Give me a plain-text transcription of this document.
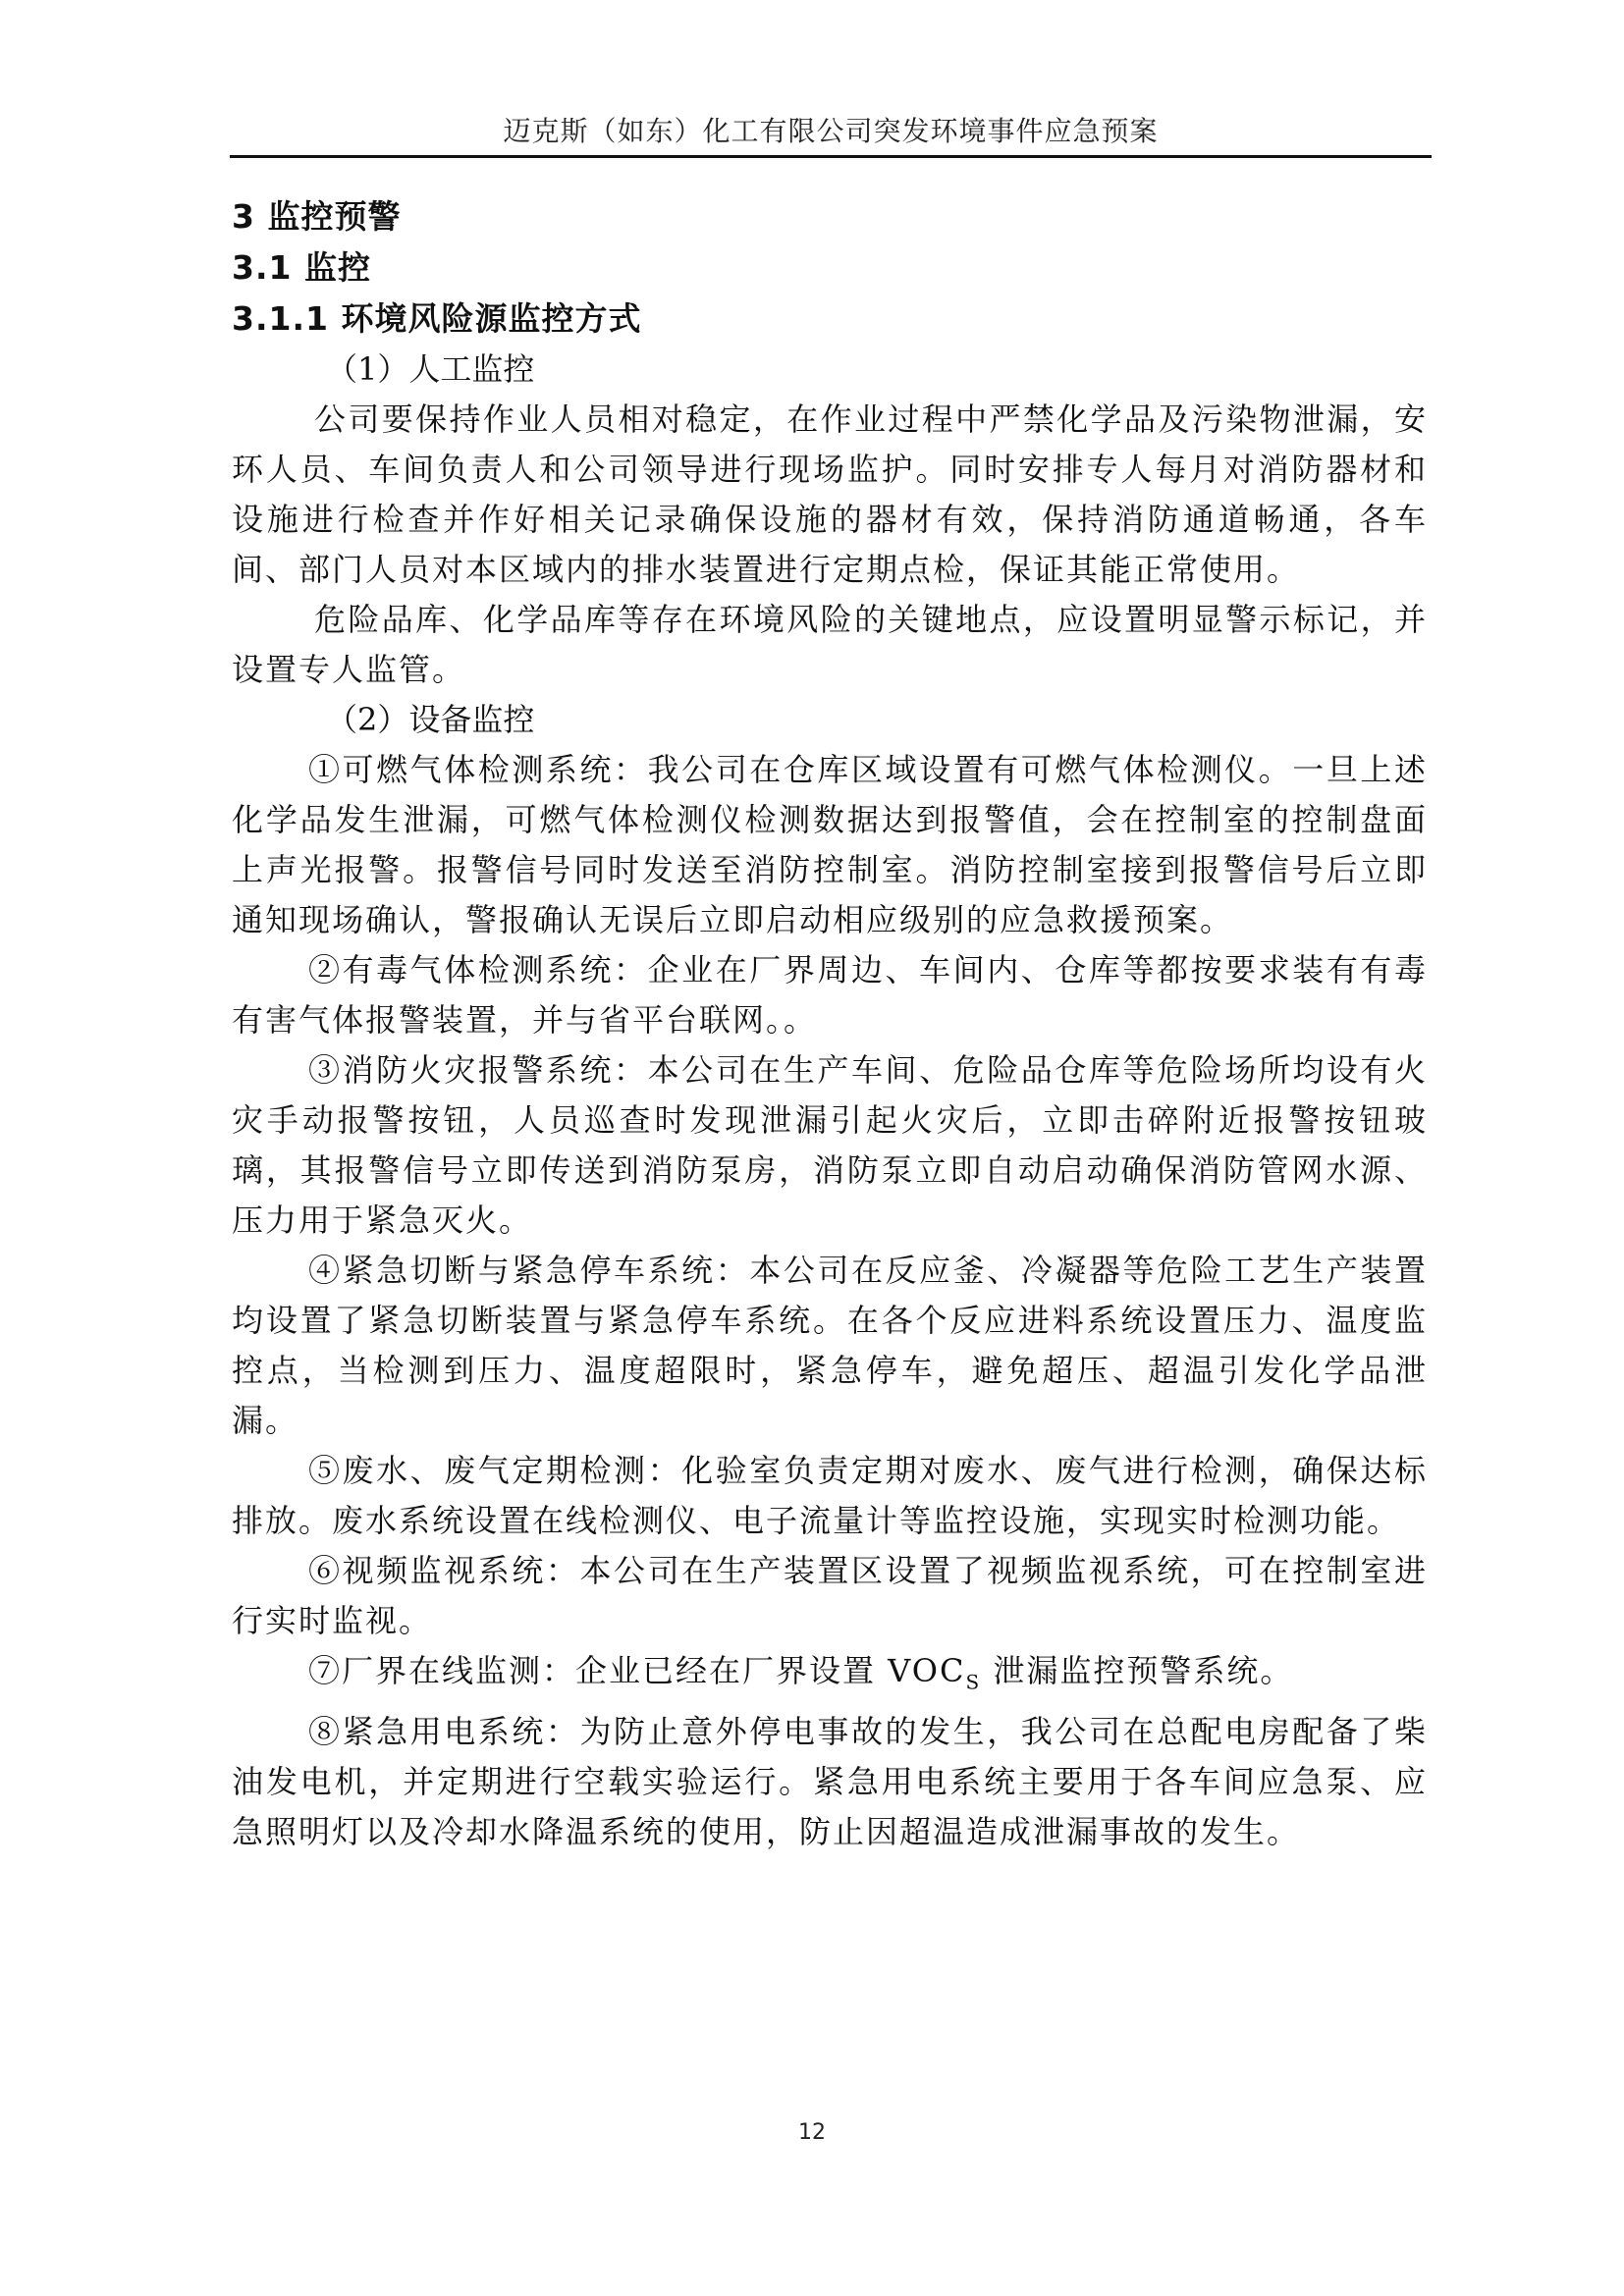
迈克斯（如东）化工有限公司突发环境事件应急预案

3 监控预警

3.1 监控

3.1.1 环境风险源监控方式

（1）人工监控

公司要保持作业人员相对稳定，在作业过程中严禁化学品及污染物泄漏，安环人员、车间负责人和公司领导进行现场监护。同时安排专人每月对消防器材和设施进行检查并作好相关记录确保设施的器材有效，保持消防通道畅通，各车间、部门人员对本区域内的排水装置进行定期点检，保证其能正常使用。

危险品库、化学品库等存在环境风险的关键地点，应设置明显警示标记，并设置专人监管。

（2）设备监控

①可燃气体检测系统：我公司在仓库区域设置有可燃气体检测仪。一旦上述化学品发生泄漏，可燃气体检测仪检测数据达到报警值，会在控制室的控制盘面上声光报警。报警信号同时发送至消防控制室。消防控制室接到报警信号后立即通知现场确认，警报确认无误后立即启动相应级别的应急救援预案。

②有毒气体检测系统：企业在厂界周边、车间内、仓库等都按要求装有有毒有害气体报警装置，并与省平台联网。。

③消防火灾报警系统：本公司在生产车间、危险品仓库等危险场所均设有火灾手动报警按钮，人员巡查时发现泄漏引起火灾后，立即击碎附近报警按钮玻璃，其报警信号立即传送到消防泵房，消防泵立即自动启动确保消防管网水源、压力用于紧急灭火。

④紧急切断与紧急停车系统：本公司在反应釜、冷凝器等危险工艺生产装置均设置了紧急切断装置与紧急停车系统。在各个反应进料系统设置压力、温度监控点，当检测到压力、温度超限时，紧急停车，避免超压、超温引发化学品泄漏。

⑤废水、废气定期检测：化验室负责定期对废水、废气进行检测，确保达标排放。废水系统设置在线检测仪、电子流量计等监控设施，实现实时检测功能。

⑥视频监视系统：本公司在生产装置区设置了视频监视系统，可在控制室进行实时监视。

⑦厂界在线监测：企业已经在厂界设置 $VOC_S$ 泄漏监控预警系统。

⑧紧急用电系统：为防止意外停电事故的发生，我公司在总配电房配备了柴油发电机，并定期进行空载实验运行。紧急用电系统主要用于各车间应急泵、应急照明灯以及冷却水降温系统的使用，防止因超温造成泄漏事故的发生。

12
